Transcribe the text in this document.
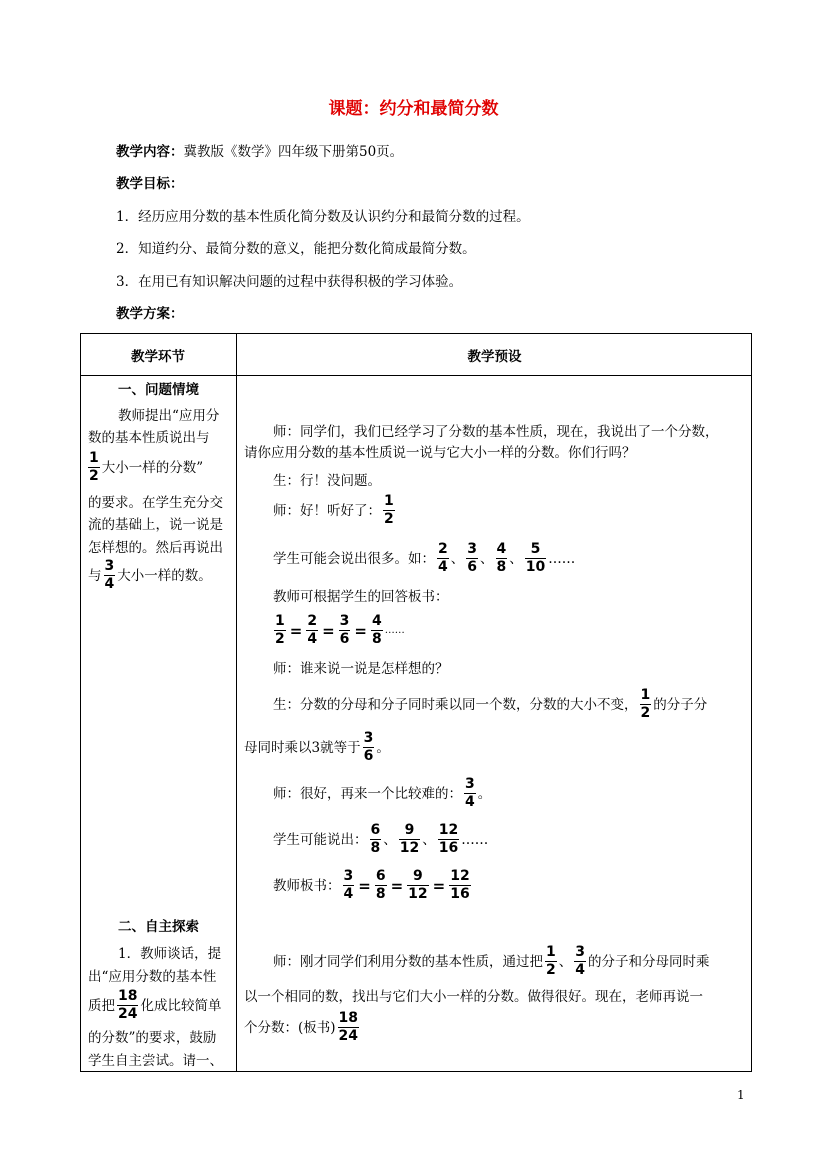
课题：约分和最简分数
教学内容：冀教版《数学》四年级下册第50页。
教学目标：
1．经历应用分数的基本性质化简分数及认识约分和最简分数的过程。
2．知道约分、最简分数的意义，能把分数化简成最简分数。
3．在用已有知识解决问题的过程中获得积极的学习体验。
教学方案：
教学环节	教学预设
一、问题情境
教师提出“应用分
数的基本性质说出与
$\frac{1}{2}$ 大小一样的分数”
的要求。在学生充分交
流的基础上，说一说是
怎样想的。然后再说出
与 $\frac{3}{4}$ 大小一样的数。
二、自主探索
1．教师谈话，提
出“应用分数的基本性
质把 $\frac{18}{24}$ 化成比较简单
的分数”的要求，鼓励
学生自主尝试。请一、
师：同学们，我们已经学习了分数的基本性质，现在，我说出了一个分数，
请你应用分数的基本性质说一说与它大小一样的分数。你们行吗？
生：行！没问题。
师：好！听好了： $\frac{1}{2}$
学生可能会说出很多。如： $\frac{2}{4}$ 、 $\frac{3}{6}$ 、 $\frac{4}{8}$ 、 $\frac{5}{10}$ ……
教师可根据学生的回答板书：
$\frac{1}{2} = \frac{2}{4} = \frac{3}{6} = \frac{4}{8}$ ……
师：谁来说一说是怎样想的？
生：分数的分母和分子同时乘以同一个数，分数的大小不变， $\frac{1}{2}$ 的分子分
母同时乘以3就等于 $\frac{3}{6}$ 。
师：很好，再来一个比较难的： $\frac{3}{4}$ 。
学生可能说出： $\frac{6}{8}$ 、 $\frac{9}{12}$ 、 $\frac{12}{16}$ ……
教师板书： $\frac{3}{4} = \frac{6}{8} = \frac{9}{12} = \frac{12}{16}$
师：刚才同学们利用分数的基本性质，通过把 $\frac{1}{2}$ 、 $\frac{3}{4}$ 的分子和分母同时乘
以一个相同的数，找出与它们大小一样的分数。做得很好。现在，老师再说一
个分数：(板书) $\frac{18}{24}$
1
